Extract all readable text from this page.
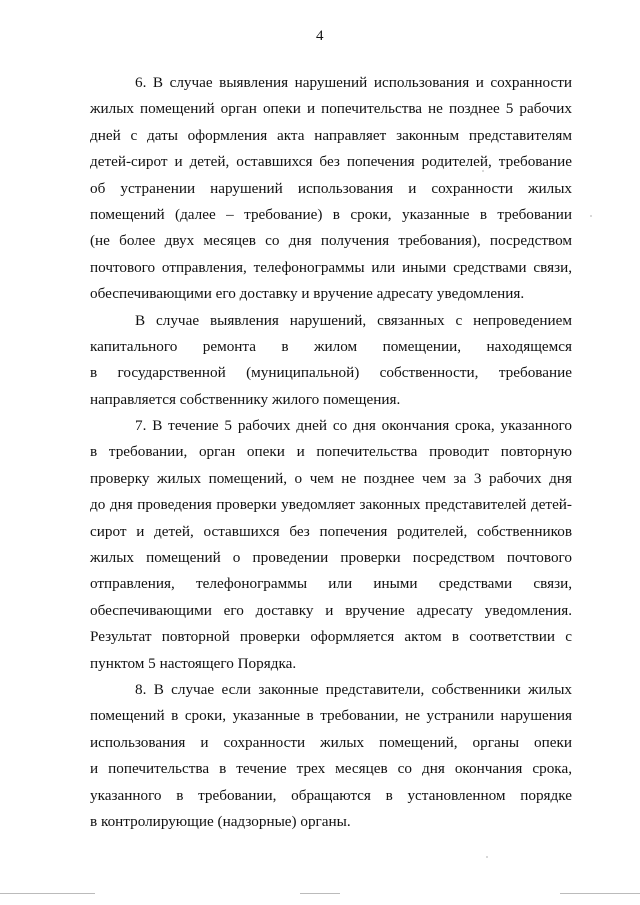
4
6. В случае выявления нарушений использования и сохранности
жилых помещений орган опеки и попечительства не позднее 5 рабочих
дней с даты оформления акта направляет законным представителям
детей-сирот и детей, оставшихся без попечения родителей, требование
об устранении нарушений использования и сохранности жилых
помещений (далее – требование) в сроки, указанные в требовании
(не более двух месяцев со дня получения требования), посредством
почтового отправления, телефонограммы или иными средствами связи,
обеспечивающими его доставку и вручение адресату уведомления.
В случае выявления нарушений, связанных с непроведением
капитального ремонта в жилом помещении, находящемся
в государственной (муниципальной) собственности, требование
направляется собственнику жилого помещения.
7. В течение 5 рабочих дней со дня окончания срока, указанного
в требовании, орган опеки и попечительства проводит повторную
проверку жилых помещений, о чем не позднее чем за 3 рабочих дня
до дня проведения проверки уведомляет законных представителей детей-
сирот и детей, оставшихся без попечения родителей, собственников
жилых помещений о проведении проверки посредством почтового
отправления, телефонограммы или иными средствами связи,
обеспечивающими его доставку и вручение адресату уведомления.
Результат повторной проверки оформляется актом в соответствии с
пунктом 5 настоящего Порядка.
8. В случае если законные представители, собственники жилых
помещений в сроки, указанные в требовании, не устранили нарушения
использования и сохранности жилых помещений, органы опеки
и попечительства в течение трех месяцев со дня окончания срока,
указанного в требовании, обращаются в установленном порядке
в контролирующие (надзорные) органы.
